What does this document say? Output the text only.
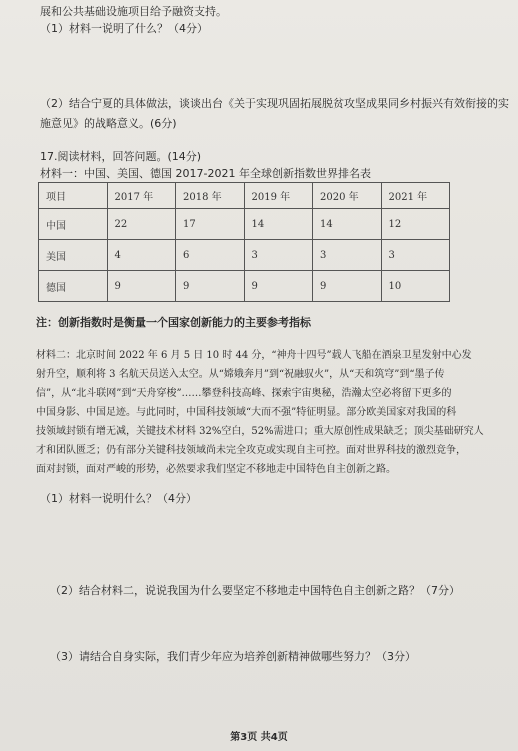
展和公共基础设施项目给予融资支持。
（1）材料一说明了什么？（4分）
（2）结合宁夏的具体做法，谈谈出台《关于实现巩固拓展脱贫攻坚成果同乡村振兴有效衔接的实
施意见》的战略意义。(6分)
17.阅读材料，回答问题。(14分)
材料一：中国、美国、德国 2017-2021 年全球创新指数世界排名表
项目	2017 年	2018 年	2019 年	2020 年	2021 年
中国	22	17	14	14	12
美国	4	6	3	3	3
德国	9	9	9	9	10
注：创新指数时是衡量一个国家创新能力的主要参考指标
材料二：北京时间 2022 年 6 月 5 日 10 时 44 分，“神舟十四号”载人飞船在酒泉卫星发射中心发
射升空，顺利将 3 名航天员送入太空。从“嫦娥奔月”到“祝融驭火”，从“天和筑穹”到“墨子传
信”，从“北斗联网”到“天舟穿梭”……攀登科技高峰、探索宇宙奥秘，浩瀚太空必将留下更多的
中国身影、中国足迹。与此同时，中国科技领域“大而不强”特征明显。部分欧美国家对我国的科
技领域封锁有增无减，关键技术材料 32%空白，52%需进口；重大原创性成果缺乏；顶尖基础研究人
才和团队匮乏；仍有部分关键科技领域尚未完全攻克或实现自主可控。面对世界科技的激烈竞争，
面对封锁，面对严峻的形势，必然要求我们坚定不移地走中国特色自主创新之路。
（1）材料一说明什么？（4分）
（2）结合材料二，说说我国为什么要坚定不移地走中国特色自主创新之路？（7分）
（3）请结合自身实际，我们青少年应为培养创新精神做哪些努力？（3分）
第3页 共4页
